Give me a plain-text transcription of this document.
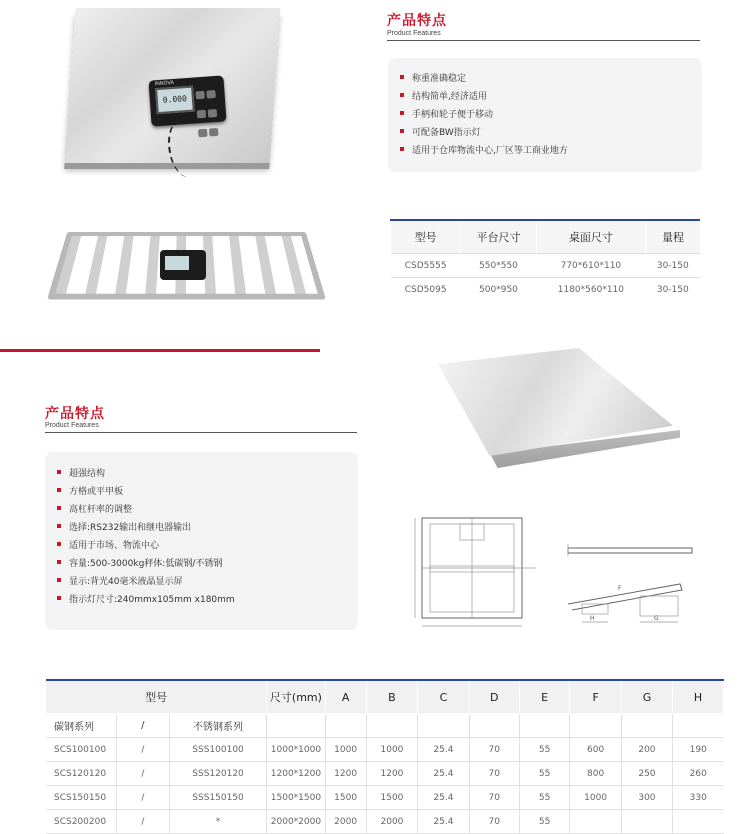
INNOVA
0.000
产品特点
Product Features
称重准确稳定
结构简单,经济适用
手柄和轮子便于移动
可配备BW指示灯
适用于仓库物流中心,厂区等工商业地方
型号	平台尺寸	桌面尺寸	量程
CSD5555	550*550	770*610*110	30-150
CSD5095	500*950	1180*560*110	30-150
产品特点
Product Features
超强结构
方格或平甲板
高杠杆率的调整
选择:RS232输出和继电器输出
适用于市场、物流中心
容量:500-3000kg秤体:低碳钢/不锈钢
显示:背光40毫米液晶显示屏
指示灯尺寸:240mmx105mm x180mm
H	G
F
型号			尺寸(mm)	A	B	C	D	E	F	G	H
碳钢系列	/	不锈钢系列									
SCS100100	/	SSS100100	1000*1000	1000	1000	25.4	70	55	600	200	190
SCS120120	/	SSS120120	1200*1200	1200	1200	25.4	70	55	800	250	260
SCS150150	/	SSS150150	1500*1500	1500	1500	25.4	70	55	1000	300	330
SCS200200	/	*	2000*2000	2000	2000	25.4	70	55			
